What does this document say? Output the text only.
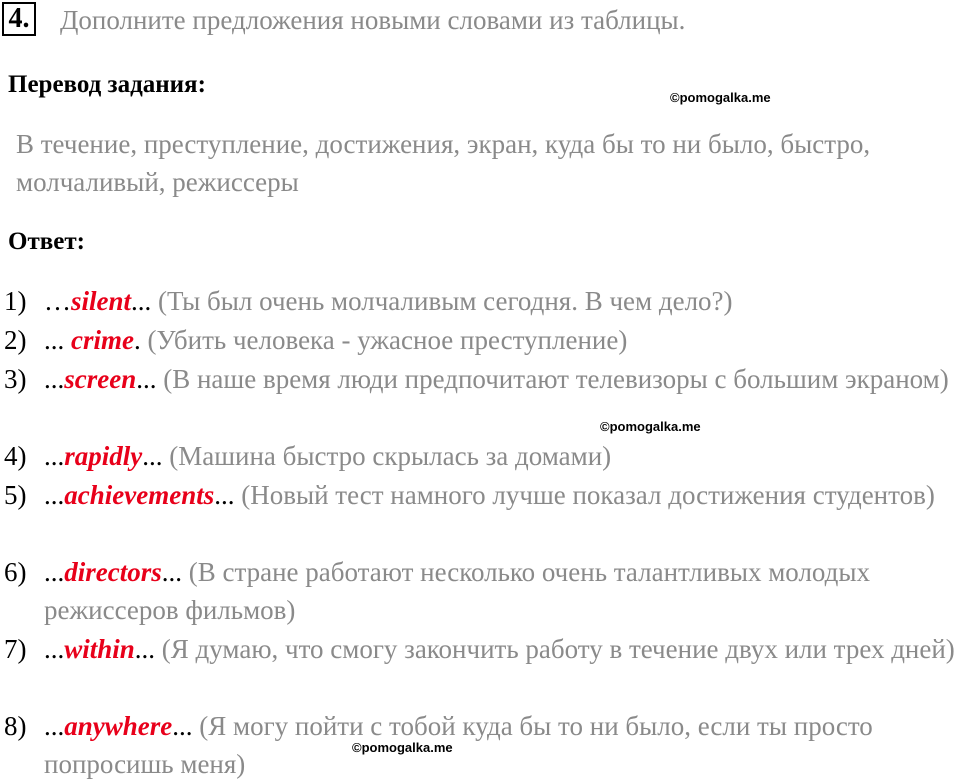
4. Дополните предложения новыми словами из таблицы.
Перевод задания:	©pomogalka.me
В течение, преступление, достижения, экран, куда бы то ни было, быстро, молчаливый, режиссеры
Ответ:
1) …silent... (Ты был очень молчаливым сегодня. В чем дело?)
2) ... crime. (Убить человека - ужасное преступление)
3) ...screen... (В наше время люди предпочитают телевизоры с большим экраном)
©pomogalka.me
4) ...rapidly... (Машина быстро скрылась за домами)
5) ...achievements... (Новый тест намного лучше показал достижения студентов)
6) ...directors... (В стране работают несколько очень талантливых молодых режиссеров фильмов)
7) ...within... (Я думаю, что смогу закончить работу в течение двух или трех дней)
8) ...anywhere... (Я могу пойти с тобой куда бы то ни было, если ты просто попросишь меня)
©pomogalka.me
